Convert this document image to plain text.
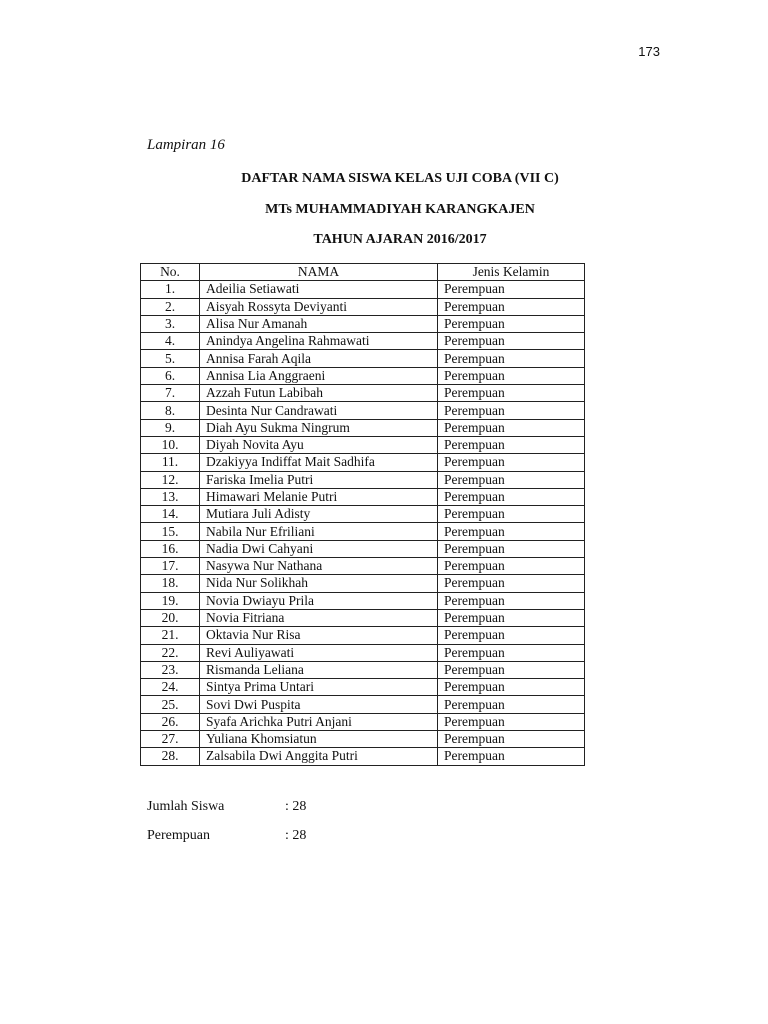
173
Lampiran 16
DAFTAR NAMA SISWA KELAS UJI COBA (VII C)
MTs MUHAMMADIYAH KARANGKAJEN
TAHUN AJARAN 2016/2017
No.	NAMA	Jenis Kelamin
1.	Adeilia Setiawati	Perempuan
2.	Aisyah Rossyta Deviyanti	Perempuan
3.	Alisa Nur Amanah	Perempuan
4.	Anindya Angelina Rahmawati	Perempuan
5.	Annisa Farah Aqila	Perempuan
6.	Annisa Lia Anggraeni	Perempuan
7.	Azzah Futun Labibah	Perempuan
8.	Desinta Nur Candrawati	Perempuan
9.	Diah Ayu Sukma Ningrum	Perempuan
10.	Diyah Novita Ayu	Perempuan
11.	Dzakiyya Indiffat Mait Sadhifa	Perempuan
12.	Fariska Imelia Putri	Perempuan
13.	Himawari Melanie Putri	Perempuan
14.	Mutiara Juli Adisty	Perempuan
15.	Nabila Nur Efriliani	Perempuan
16.	Nadia Dwi Cahyani	Perempuan
17.	Nasywa Nur Nathana	Perempuan
18.	Nida Nur Solikhah	Perempuan
19.	Novia Dwiayu Prila	Perempuan
20.	Novia Fitriana	Perempuan
21.	Oktavia Nur Risa	Perempuan
22.	Revi Auliyawati	Perempuan
23.	Rismanda Leliana	Perempuan
24.	Sintya Prima Untari	Perempuan
25.	Sovi Dwi Puspita	Perempuan
26.	Syafa Arichka Putri Anjani	Perempuan
27.	Yuliana Khomsiatun	Perempuan
28.	Zalsabila Dwi Anggita Putri	Perempuan
Jumlah Siswa	: 28
Perempuan	: 28
